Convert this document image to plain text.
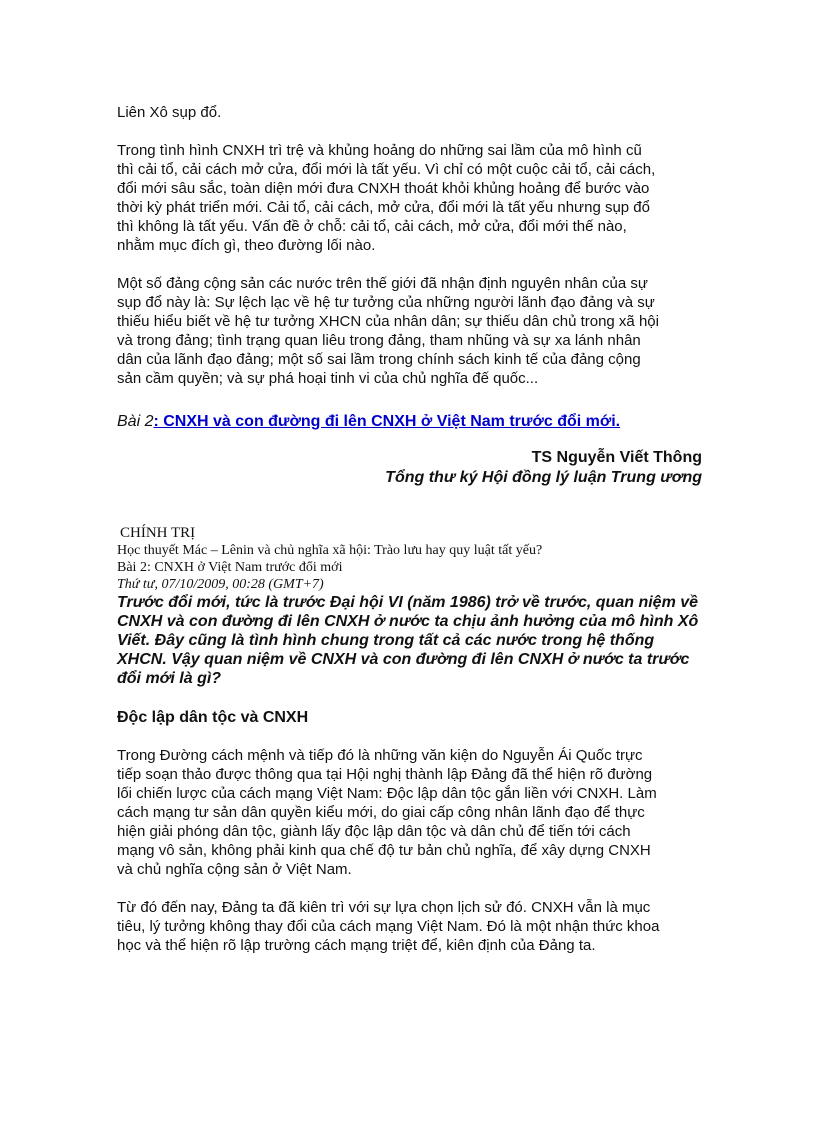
Liên Xô sụp đổ.

Trong tình hình CNXH trì trệ và khủng hoảng do những sai lầm của mô hình cũ
thì cải tổ, cải cách mở cửa, đổi mới là tất yếu. Vì chỉ có một cuộc cải tổ, cải cách,
đổi mới sâu sắc, toàn diện mới đưa CNXH thoát khỏi khủng hoảng để bước vào
thời kỳ phát triển mới. Cải tổ, cải cách, mở cửa, đổi mới là tất yếu nhưng sụp đổ
thì không là tất yếu. Vấn đề ở chỗ: cải tổ, cải cách, mở cửa, đổi mới thế nào,
nhằm mục đích gì, theo đường lối nào.

Một số đảng cộng sản các nước trên thế giới đã nhận định nguyên nhân của sự
sụp đổ này là: Sự lệch lạc về hệ tư tưởng của những người lãnh đạo đảng và sự
thiếu hiểu biết về hệ tư tưởng XHCN của nhân dân; sự thiếu dân chủ trong xã hội
và trong đảng; tình trạng quan liêu trong đảng, tham nhũng và sự xa lánh nhân
dân của lãnh đạo đảng; một số sai lầm trong chính sách kinh tế của đảng cộng
sản cầm quyền; và sự phá hoại tinh vi của chủ nghĩa đế quốc...

Bài 2: CNXH và con đường đi lên CNXH ở Việt Nam trước đổi mới.

TS Nguyễn Viết Thông

Tổng thư ký Hội đồng lý luận Trung ương

CHÍNH TRỊ

Học thuyết Mác – Lênin và chủ nghĩa xã hội: Trào lưu hay quy luật tất yếu?

Bài 2: CNXH ở Việt Nam trước đổi mới

Thứ tư, 07/10/2009, 00:28 (GMT+7)

Trước đổi mới, tức là trước Đại hội VI (năm 1986) trở về trước, quan niệm về
CNXH và con đường đi lên CNXH ở nước ta chịu ảnh hưởng của mô hình Xô
Viết. Đây cũng là tình hình chung trong tất cả các nước trong hệ thống
XHCN. Vậy quan niệm về CNXH và con đường đi lên CNXH ở nước ta trước
đổi mới là gì?

Độc lập dân tộc và CNXH

Trong Đường cách mệnh và tiếp đó là những văn kiện do Nguyễn Ái Quốc trực
tiếp soạn thảo được thông qua tại Hội nghị thành lập Đảng đã thể hiện rõ đường
lối chiến lược của cách mạng Việt Nam: Độc lập dân tộc gắn liền với CNXH. Làm
cách mạng tư sản dân quyền kiểu mới, do giai cấp công nhân lãnh đạo để thực
hiện giải phóng dân tộc, giành lấy độc lập dân tộc và dân chủ để tiến tới cách
mạng vô sản, không phải kinh qua chế độ tư bản chủ nghĩa, để xây dựng CNXH
và chủ nghĩa cộng sản ở Việt Nam.

Từ đó đến nay, Đảng ta đã kiên trì với sự lựa chọn lịch sử đó. CNXH vẫn là mục
tiêu, lý tưởng không thay đổi của cách mạng Việt Nam. Đó là một nhận thức khoa
học và thể hiện rõ lập trường cách mạng triệt để, kiên định của Đảng ta.
